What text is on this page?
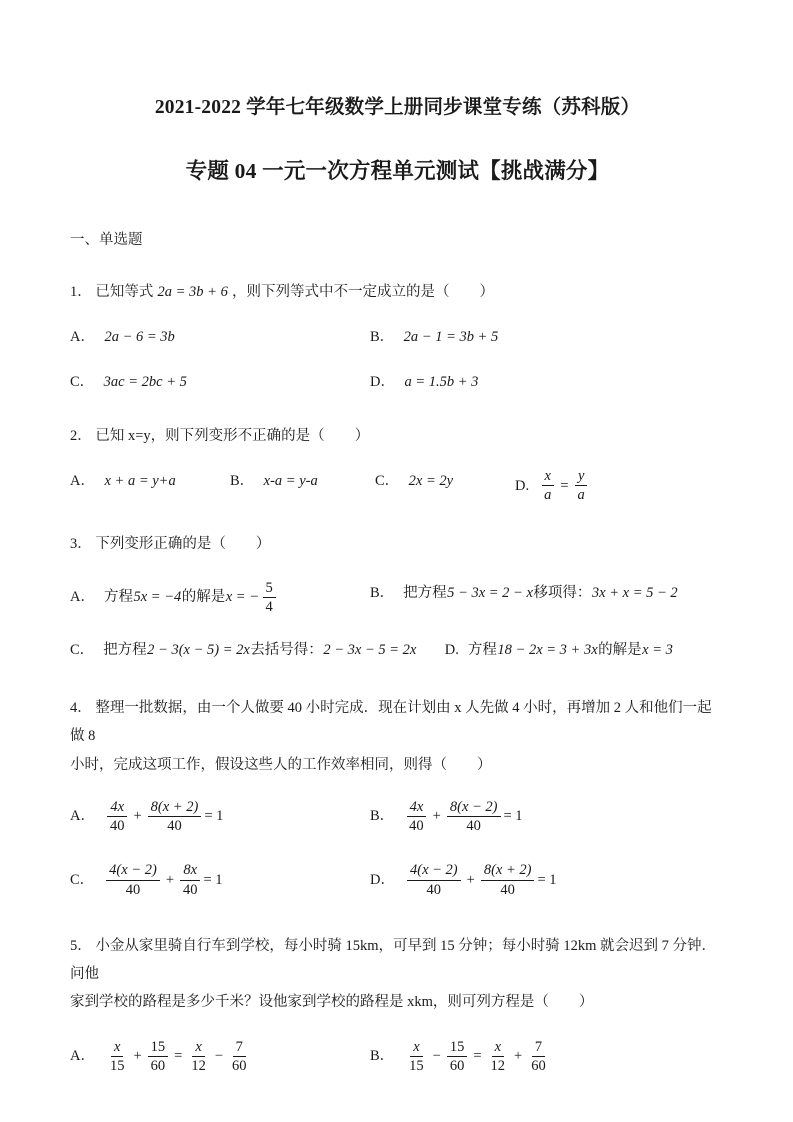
2021-2022 学年七年级数学上册同步课堂专练（苏科版）
专题 04 一元一次方程单元测试【挑战满分】
一、单选题
1． 已知等式 2a = 3b + 6 ，则下列等式中不一定成立的是（ ）
A． 2a − 6 = 3b	B． 2a − 1 = 3b + 5
C． 3ac = 2bc + 5	D． a = 1.5b + 3
2． 已知 x=y，则下列变形不正确的是（ ）
A． x + a = y+a	B． x-a = y-a	C． 2x = 2y	D. $\frac{x}{a} = \frac{y}{a}$
3． 下列变形正确的是（ ）
A． 方程 5x = −4 的解是 x = − $\frac{5}{4}$	B． 把方程 5 − 3x = 2 − x 移项得： 3x + x = 5 − 2
C． 把方程 2 − 3(x − 5) = 2x 去括号得： 2 − 3x − 5 = 2x D. 方程 18 − 2x = 3 + 3x 的解是 x = 3
4． 整理一批数据，由一个人做要 40 小时完成．现在计划由 x 人先做 4 小时，再增加 2 人和他们一起做 8
小时，完成这项工作，假设这些人的工作效率相同，则得（ ）
A． $\frac{4x}{40} + \frac{8(x + 2)}{40} = 1$	B． $\frac{4x}{40} + \frac{8(x - 2)}{40} = 1$
C． $\frac{4(x - 2)}{40} + \frac{8x}{40} = 1$	D． $\frac{4(x - 2)}{40} + \frac{8(x + 2)}{40} = 1$
5． 小金从家里骑自行车到学校，每小时骑 15km，可早到 15 分钟；每小时骑 12km 就会迟到 7 分钟．问他
家到学校的路程是多少千米？设他家到学校的路程是 xkm，则可列方程是（ ）
A． $\frac{x}{15} + \frac{15}{60} = \frac{x}{12} - \frac{7}{60}$	B． $\frac{x}{15} - \frac{15}{60} = \frac{x}{12} + \frac{7}{60}$
